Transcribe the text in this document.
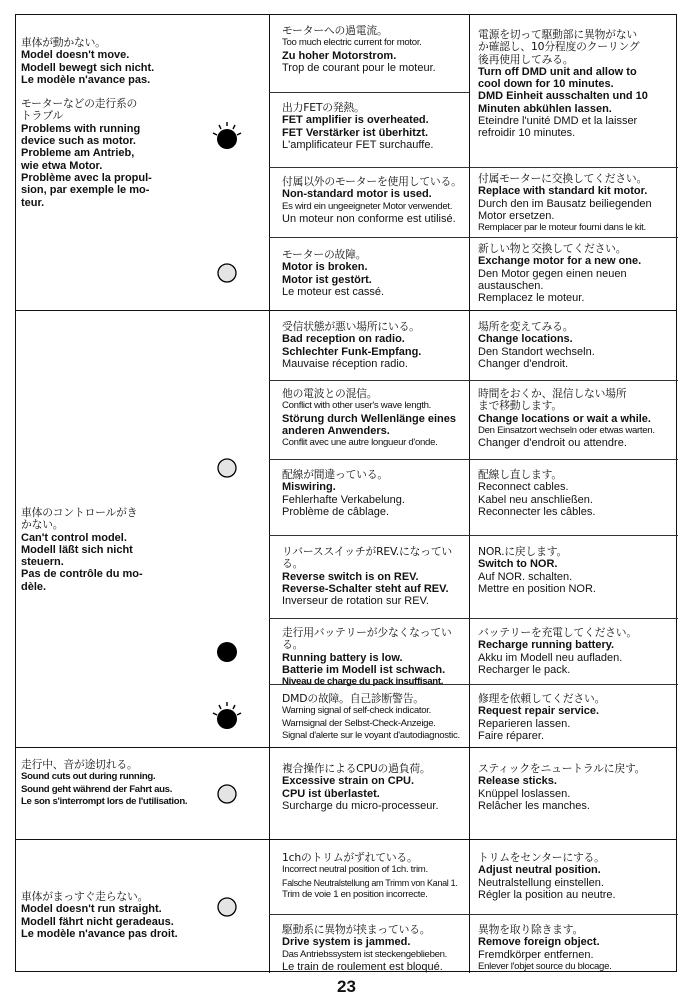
車体が動かない。
Model doesn't move.
Modell bewegt sich nicht.
Le modèle n'avance pas.
モーターなどの走行系の
トラブル
Problems with running
device such as motor.
Probleme am Antrieb,
wie etwa Motor.
Problème avec la propul-
sion, par exemple le mo-
teur.
モーターへの過電流。
Too much electric current for motor.
Zu hoher Motorstrom.
Trop de courant pour le moteur.
電源を切って駆動部に異物がない
か確認し、10分程度のクーリング
後再使用してみる。
Turn off DMD unit and allow to
cool down for 10 minutes.
DMD Einheit ausschalten und 10
Minuten abkühlen lassen.
Eteindre l'unité DMD et la laisser
refroidir 10 minutes.
出力FETの発熱。
FET amplifier is overheated.
FET Verstärker ist überhitzt.
L'amplificateur FET surchauffe.
付属以外のモーターを使用している。
Non-standard motor is used.
Es wird ein ungeeigneter Motor verwendet.
Un moteur non conforme est utilisé.
付属モーターに交換してください。
Replace with standard kit motor.
Durch den im Bausatz beiliegenden
Motor ersetzen.
Remplacer par le moteur fourni dans le kit.
モーターの故障。
Motor is broken.
Motor ist gestört.
Le moteur est cassé.
新しい物と交換してください。
Exchange motor for a new one.
Den Motor gegen einen neuen
austauschen.
Remplacez le moteur.
車体のコントロールがき
かない。
Can't control model.
Modell läßt sich nicht
steuern.
Pas de contrôle du mo-
dèle.
受信状態が悪い場所にいる。
Bad reception on radio.
Schlechter Funk-Empfang.
Mauvaise réception radio.
場所を変えてみる。
Change locations.
Den Standort wechseln.
Changer d'endroit.
他の電波との混信。
Conflict with other user's wave length.
Störung durch Wellenlänge eines
anderen Anwenders.
Conflit avec une autre longueur d'onde.
時間をおくか、混信しない場所
まで移動します。
Change locations or wait a while.
Den Einsatzort wechseln oder etwas warten.
Changer d'endroit ou attendre.
配線が間違っている。
Miswiring.
Fehlerhafte Verkabelung.
Problème de câblage.
配線し直します。
Reconnect cables.
Kabel neu anschließen.
Reconnecter les câbles.
リバーススイッチがREV.になっている。
Reverse switch is on REV.
Reverse-Schalter steht auf REV.
Inverseur de rotation sur REV.
NOR.に戻します。
Switch to NOR.
Auf NOR. schalten.
Mettre en position NOR.
走行用バッテリーが少なくなっている。
Running battery is low.
Batterie im Modell ist schwach.
Niveau de charge du pack insuffisant.
バッテリーを充電してください。
Recharge running battery.
Akku im Modell neu aufladen.
Recharger le pack.
DMDの故障。自己診断警告。
Warning signal of self-check indicator.
Warnsignal der Selbst-Check-Anzeige.
Signal d'alerte sur le voyant d'autodiagnostic.
修理を依頼してください。
Request repair service.
Reparieren lassen.
Faire réparer.
走行中、音が途切れる。
Sound cuts out during running.
Sound geht während der Fahrt aus.
Le son s'interrompt lors de l'utilisation.
複合操作によるCPUの過負荷。
Excessive strain on CPU.
CPU ist überlastet.
Surcharge du micro-processeur.
スティックをニュートラルに戻す。
Release sticks.
Knüppel loslassen.
Relâcher les manches.
車体がまっすぐ走らない。
Model doesn't run straight.
Modell fährt nicht geradeaus.
Le modèle n'avance pas droit.
1chのトリムがずれている。
Incorrect neutral position of 1ch. trim.
Falsche Neutralstellung am Trimm von Kanal 1.
Trim de voie 1 en position incorrecte.
トリムをセンターにする。
Adjust neutral position.
Neutralstellung einstellen.
Régler la position au neutre.
駆動系に異物が挟まっている。
Drive system is jammed.
Das Antriebssystem ist steckengeblieben.
Le train de roulement est bloqué.
異物を取り除きます。
Remove foreign object.
Fremdkörper entfernen.
Enlever l'objet source du blocage.
23
